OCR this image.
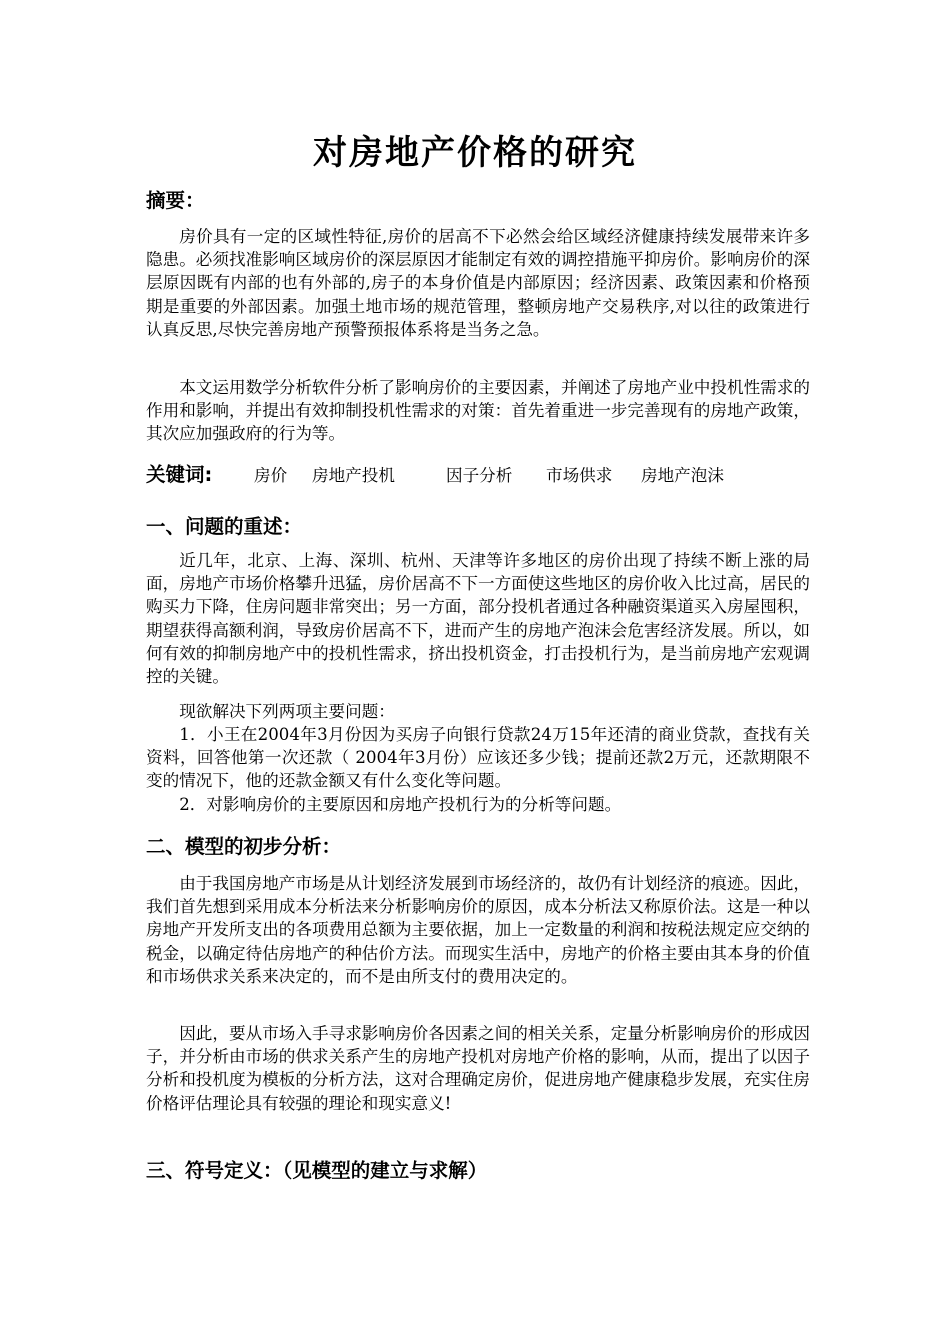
对房地产价格的研究
摘要：

房价具有一定的区域性特征,房价的居高不下必然会给区域经济健康持续发展带来许多隐患。必须找准影响区域房价的深层原因才能制定有效的调控措施平抑房价。影响房价的深层原因既有内部的也有外部的,房子的本身价值是内部原因；经济因素、政策因素和价格预期是重要的外部因素。加强土地市场的规范管理，整顿房地产交易秩序,对以往的政策进行认真反思,尽快完善房地产预警预报体系将是当务之急。

本文运用数学分析软件分析了影响房价的主要因素，并阐述了房地产业中投机性需求的作用和影响，并提出有效抑制投机性需求的对策：首先着重进一步完善现有的房地产政策，其次应加强政府的行为等。

关键词:	房价 房地产投机	因子分析 市场供求 房地产泡沫
一、问题的重述：

近几年，北京、上海、深圳、杭州、天津等许多地区的房价出现了持续不断上涨的局面，房地产市场价格攀升迅猛，房价居高不下一方面使这些地区的房价收入比过高，居民的购买力下降，住房问题非常突出；另一方面，部分投机者通过各种融资渠道买入房屋囤积，期望获得高额利润，导致房价居高不下，进而产生的房地产泡沫会危害经济发展。所以，如何有效的抑制房地产中的投机性需求，挤出投机资金，打击投机行为，是当前房地产宏观调控的关键。

现欲解决下列两项主要问题：

1．小王在2004年3月份因为买房子向银行贷款24万15年还清的商业贷款，查找有关资料，回答他第一次还款（ 2004年3月份）应该还多少钱；提前还款2万元，还款期限不变的情况下，他的还款金额又有什么变化等问题。

2．对影响房价的主要原因和房地产投机行为的分析等问题。

二、模型的初步分析：

由于我国房地产市场是从计划经济发展到市场经济的，故仍有计划经济的痕迹。因此，我们首先想到采用成本分析法来分析影响房价的原因，成本分析法又称原价法。这是一种以房地产开发所支出的各项费用总额为主要依据，加上一定数量的利润和按税法规定应交纳的税金，以确定待估房地产的种估价方法。而现实生活中，房地产的价格主要由其本身的价值和市场供求关系来决定的，而不是由所支付的费用决定的。

因此，要从市场入手寻求影响房价各因素之间的相关关系，定量分析影响房价的形成因子，并分析由市场的供求关系产生的房地产投机对房地产价格的影响，从而，提出了以因子分析和投机度为模板的分析方法，这对合理确定房价，促进房地产健康稳步发展，充实住房价格评估理论具有较强的理论和现实意义!

三、符号定义：（见模型的建立与求解）
